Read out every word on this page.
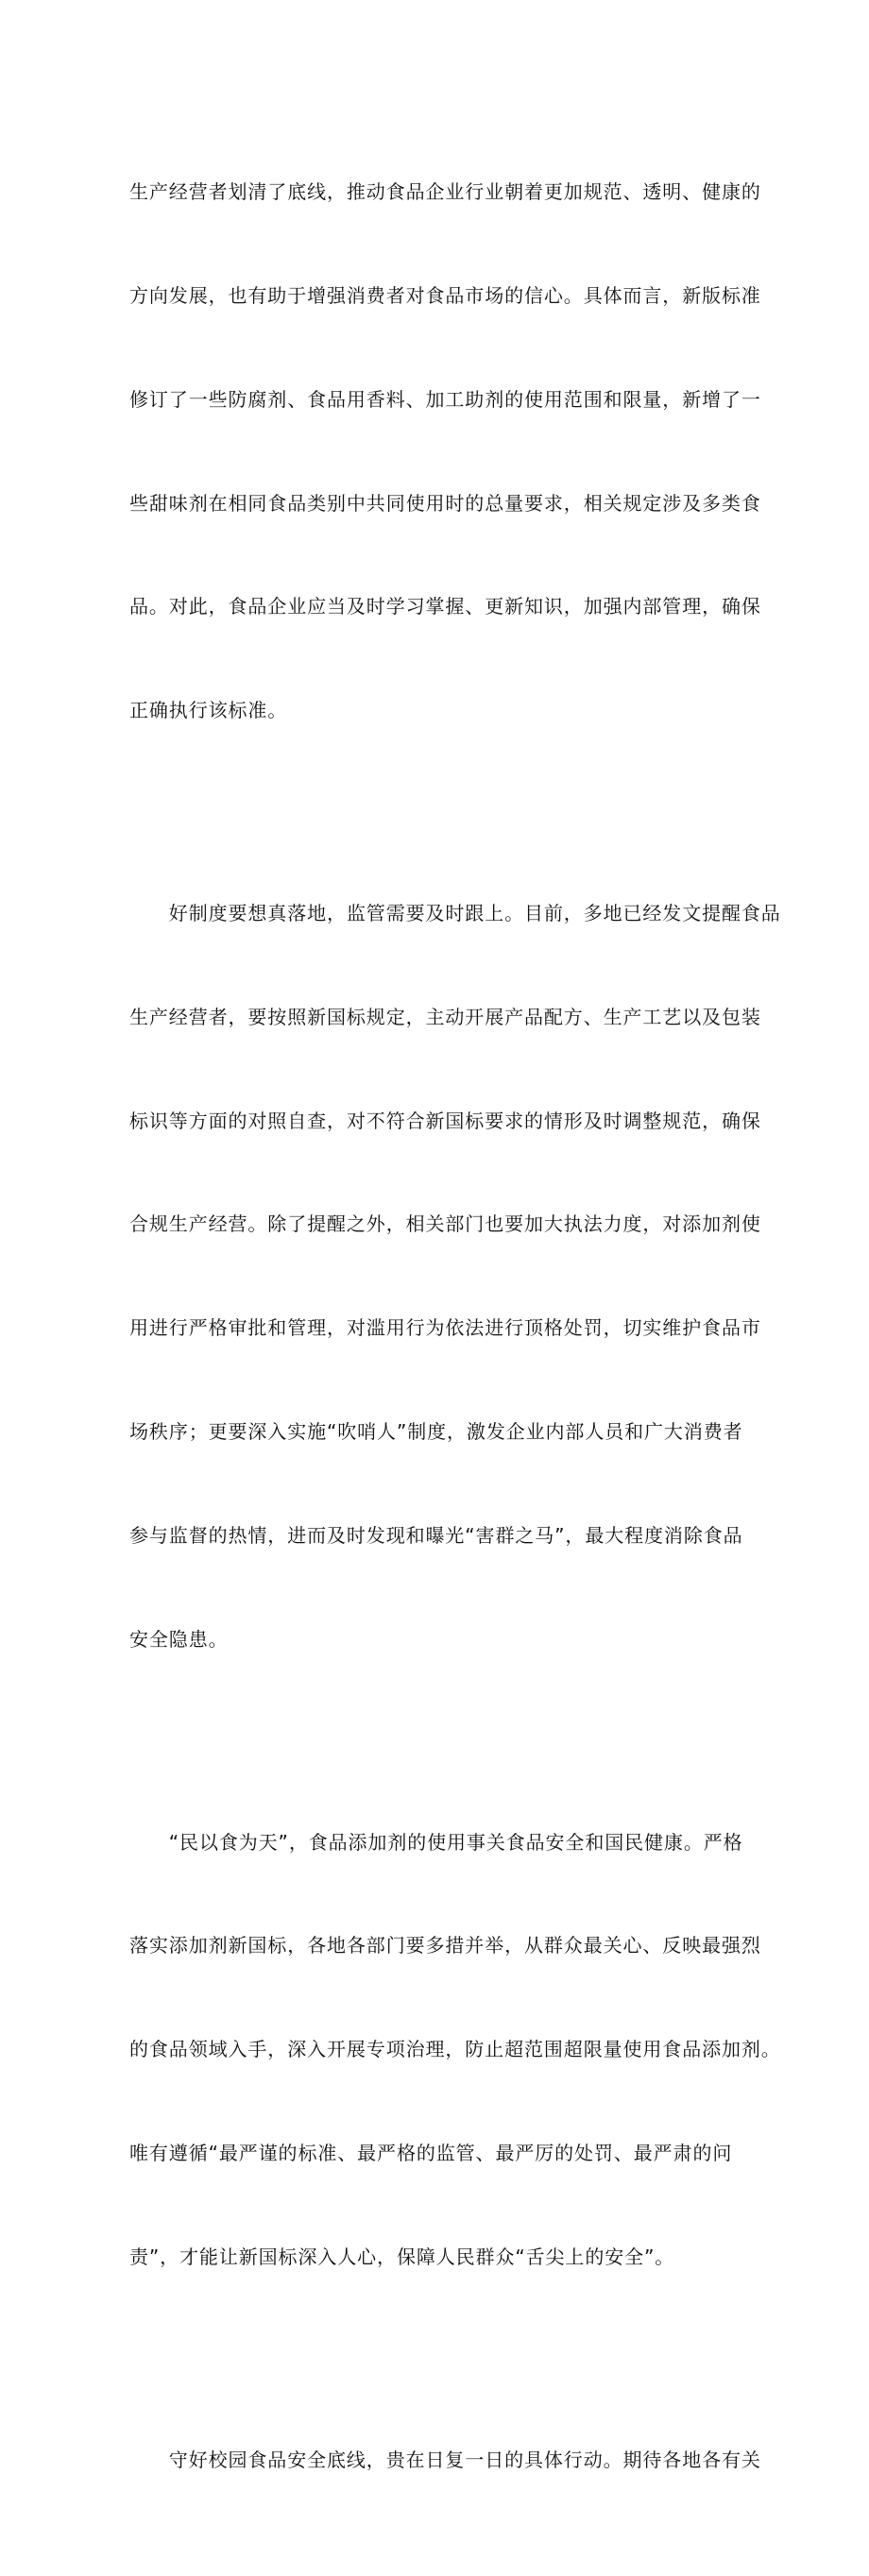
生产经营者划清了底线，推动食品企业行业朝着更加规范、透明、健康的

方向发展，也有助于增强消费者对食品市场的信心。具体而言，新版标准

修订了一些防腐剂、食品用香料、加工助剂的使用范围和限量，新增了一

些甜味剂在相同食品类别中共同使用时的总量要求，相关规定涉及多类食

品。对此，食品企业应当及时学习掌握、更新知识，加强内部管理，确保

正确执行该标准。

　　好制度要想真落地，监管需要及时跟上。目前，多地已经发文提醒食品

生产经营者，要按照新国标规定，主动开展产品配方、生产工艺以及包装

标识等方面的对照自查，对不符合新国标要求的情形及时调整规范，确保

合规生产经营。除了提醒之外，相关部门也要加大执法力度，对添加剂使

用进行严格审批和管理，对滥用行为依法进行顶格处罚，切实维护食品市

场秩序；更要深入实施“吹哨人”制度，激发企业内部人员和广大消费者

参与监督的热情，进而及时发现和曝光“害群之马”，最大程度消除食品

安全隐患。

　　“民以食为天”，食品添加剂的使用事关食品安全和国民健康。严格

落实添加剂新国标，各地各部门要多措并举，从群众最关心、反映最强烈

的食品领域入手，深入开展专项治理，防止超范围超限量使用食品添加剂。

唯有遵循“最严谨的标准、最严格的监管、最严厉的处罚、最严肃的问

责”，才能让新国标深入人心，保障人民群众“舌尖上的安全”。

　　守好校园食品安全底线，贵在日复一日的具体行动。期待各地各有关
